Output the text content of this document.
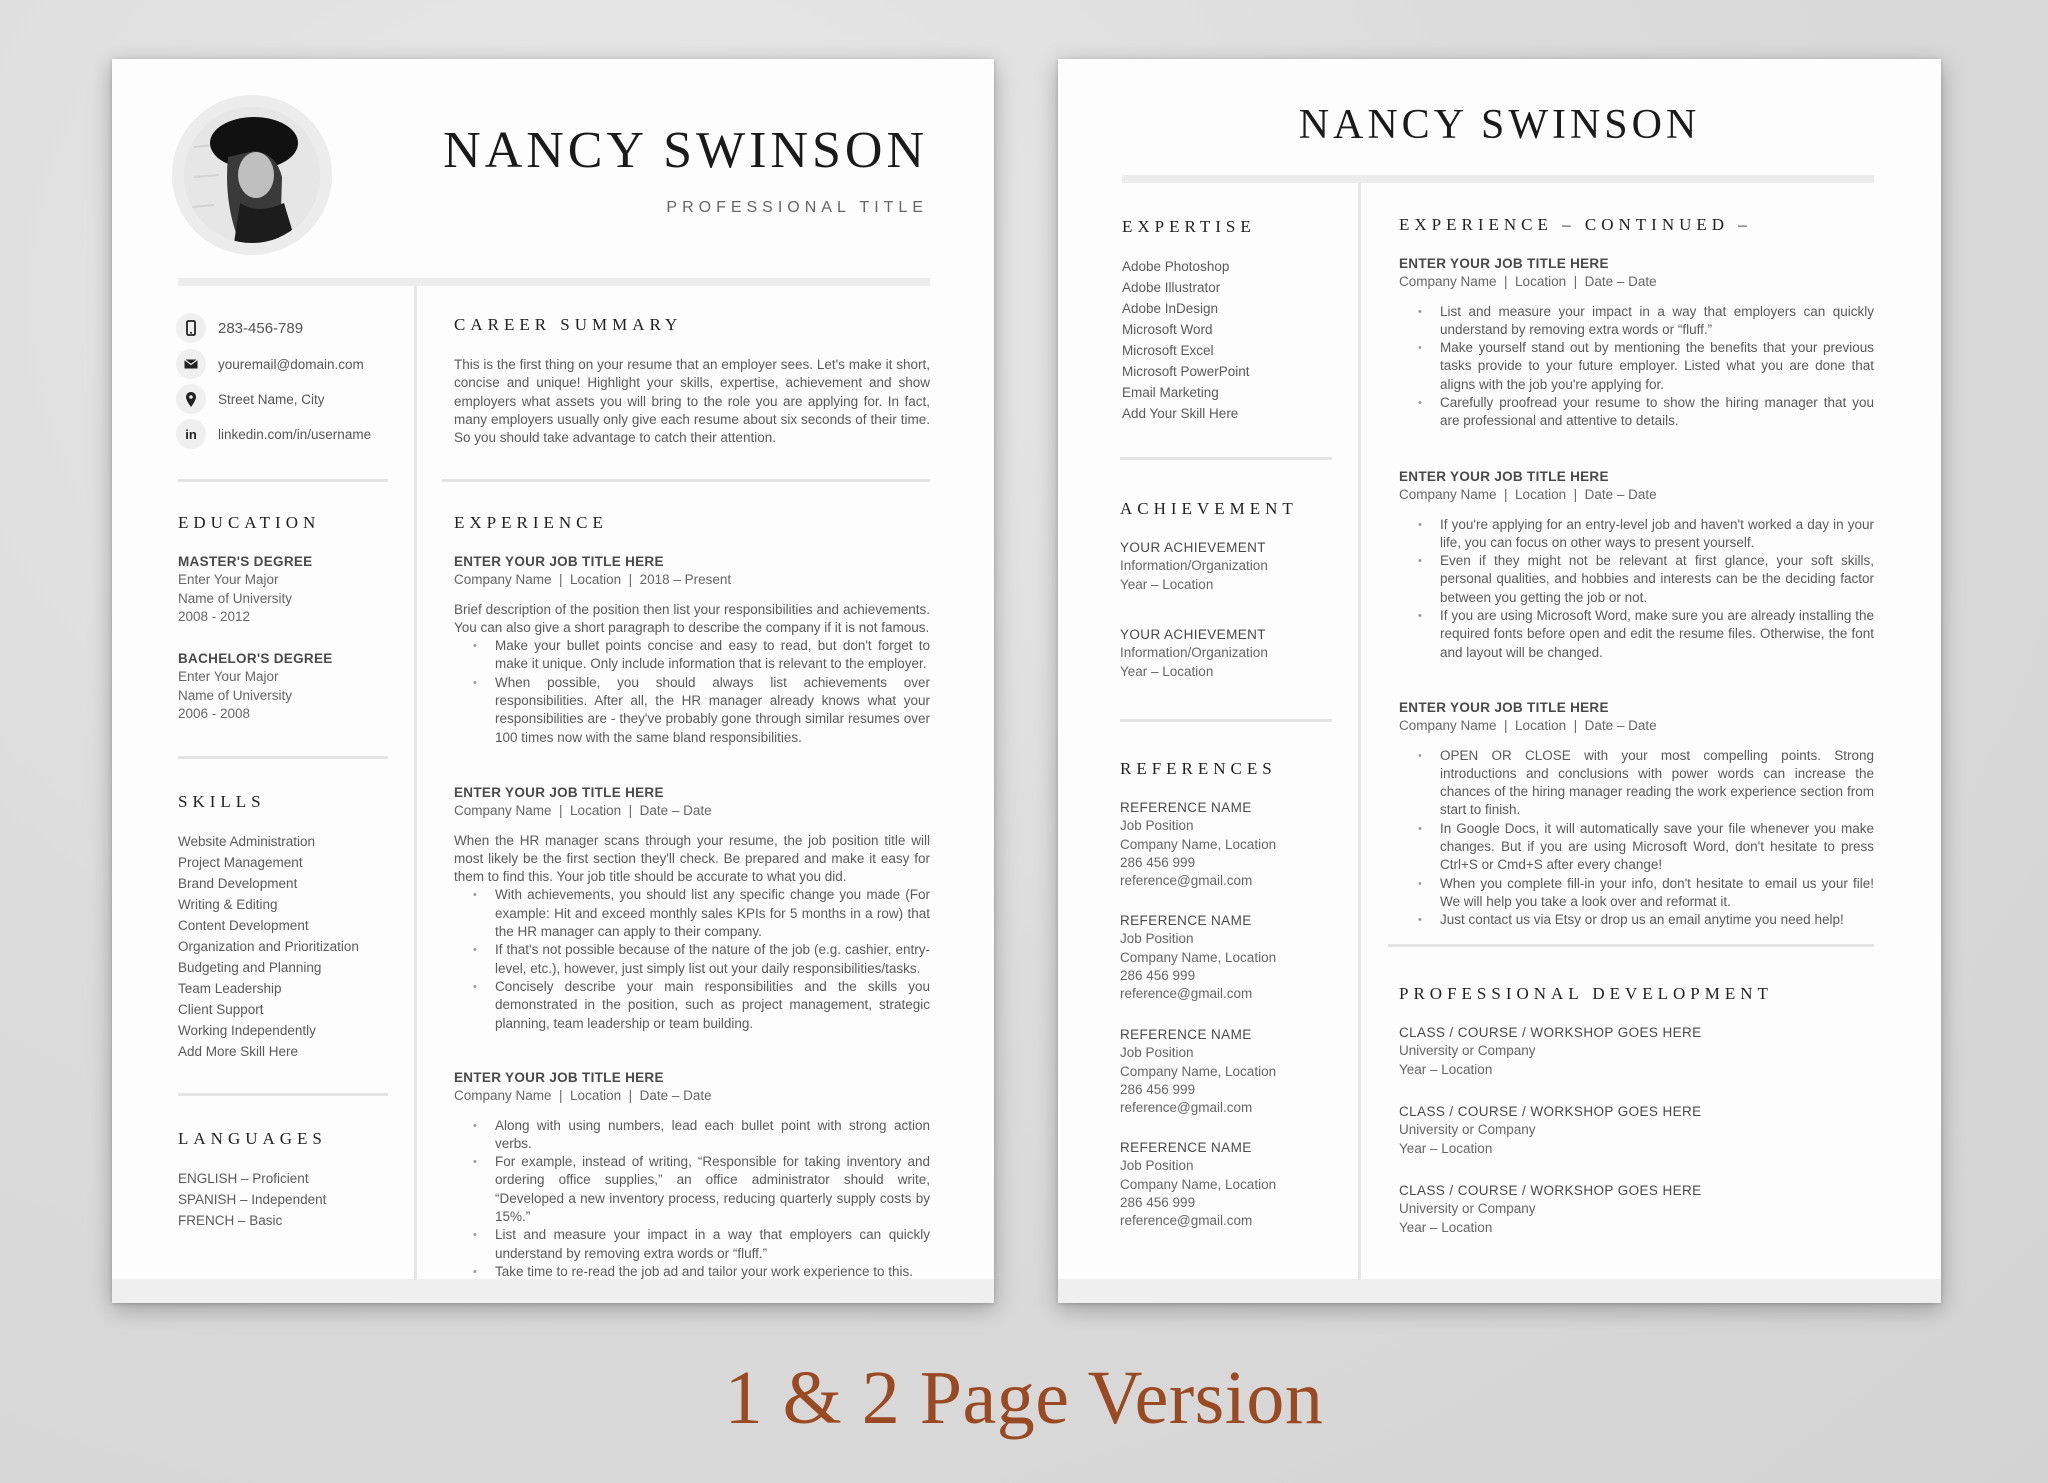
NANCY SWINSON
PROFESSIONAL TITLE
283-456-789
youremail@domain.com
Street Name, City
in	linkedin.com/in/username
EDUCATION
MASTER'S DEGREE
Enter Your Major
Name of University
2008 - 2012
BACHELOR'S DEGREE
Enter Your Major
Name of University
2006 - 2008
SKILLS
Website Administration
Project Management
Brand Development
Writing & Editing
Content Development
Organization and Prioritization
Budgeting and Planning
Team Leadership
Client Support
Working Independently
Add More Skill Here
LANGUAGES
ENGLISH – Proficient
SPANISH – Independent
FRENCH – Basic
CAREER SUMMARY
This is the first thing on your resume that an employer sees. Let's make it short, concise and unique! Highlight your skills, expertise, achievement and show employers what assets you will bring to the role you are applying for. In fact, many employers usually only give each resume about six seconds of their time. So you should take advantage to catch their attention.
EXPERIENCE
ENTER YOUR JOB TITLE HERE
Company Name  |  Location  |  2018 – Present
Brief description of the position then list your responsibilities and achievements. You can also give a short paragraph to describe the company if it is not famous.
• Make your bullet points concise and easy to read, but don't forget to make it unique. Only include information that is relevant to the employer.
• When possible, you should always list achievements over responsibilities. After all, the HR manager already knows what your responsibilities are - they've probably gone through similar resumes over 100 times now with the same bland responsibilities.
ENTER YOUR JOB TITLE HERE
Company Name  |  Location  |  Date – Date
When the HR manager scans through your resume, the job position title will most likely be the first section they'll check. Be prepared and make it easy for them to find this. Your job title should be accurate to what you did.
• With achievements, you should list any specific change you made (For example: Hit and exceed monthly sales KPIs for 5 months in a row) that the HR manager can apply to their company.
• If that's not possible because of the nature of the job (e.g. cashier, entry-level, etc.), however, just simply list out your daily responsibilities/tasks.
• Concisely describe your main responsibilities and the skills you demonstrated in the position, such as project management, strategic planning, team leadership or team building.
ENTER YOUR JOB TITLE HERE
Company Name  |  Location  |  Date – Date
• Along with using numbers, lead each bullet point with strong action verbs.
• For example, instead of writing, “Responsible for taking inventory and ordering office supplies,” an office administrator should write, “Developed a new inventory process, reducing quarterly supply costs by 15%.”
• List and measure your impact in a way that employers can quickly understand by removing extra words or “fluff.”
• Take time to re-read the job ad and tailor your work experience to this.
NANCY SWINSON
EXPERTISE
Adobe Photoshop
Adobe Illustrator
Adobe InDesign
Microsoft Word
Microsoft Excel
Microsoft PowerPoint
Email Marketing
Add Your Skill Here
ACHIEVEMENT
YOUR ACHIEVEMENT
Information/Organization
Year – Location
YOUR ACHIEVEMENT
Information/Organization
Year – Location
REFERENCES
REFERENCE NAME
Job Position
Company Name, Location
286 456 999
reference@gmail.com
REFERENCE NAME
Job Position
Company Name, Location
286 456 999
reference@gmail.com
REFERENCE NAME
Job Position
Company Name, Location
286 456 999
reference@gmail.com
REFERENCE NAME
Job Position
Company Name, Location
286 456 999
reference@gmail.com
EXPERIENCE – CONTINUED –
ENTER YOUR JOB TITLE HERE
Company Name  |  Location  |  Date – Date
• List and measure your impact in a way that employers can quickly understand by removing extra words or “fluff.”
• Make yourself stand out by mentioning the benefits that your previous tasks provide to your future employer. Listed what you are done that aligns with the job you're applying for.
• Carefully proofread your resume to show the hiring manager that you are professional and attentive to details.
ENTER YOUR JOB TITLE HERE
Company Name  |  Location  |  Date – Date
• If you're applying for an entry-level job and haven't worked a day in your life, you can focus on other ways to present yourself.
• Even if they might not be relevant at first glance, your soft skills, personal qualities, and hobbies and interests can be the deciding factor between you getting the job or not.
• If you are using Microsoft Word, make sure you are already installing the required fonts before open and edit the resume files. Otherwise, the font and layout will be changed.
ENTER YOUR JOB TITLE HERE
Company Name  |  Location  |  Date – Date
• OPEN OR CLOSE with your most compelling points. Strong introductions and conclusions with power words can increase the chances of the hiring manager reading the work experience section from start to finish.
• In Google Docs, it will automatically save your file whenever you make changes. But if you are using Microsoft Word, don't hesitate to press Ctrl+S or Cmd+S after every change!
• When you complete fill-in your info, don't hesitate to email us your file! We will help you take a look over and reformat it.
• Just contact us via Etsy or drop us an email anytime you need help!
PROFESSIONAL DEVELOPMENT
CLASS / COURSE / WORKSHOP GOES HERE
University or Company
Year – Location
CLASS / COURSE / WORKSHOP GOES HERE
University or Company
Year – Location
CLASS / COURSE / WORKSHOP GOES HERE
University or Company
Year – Location
1 & 2 Page Version
